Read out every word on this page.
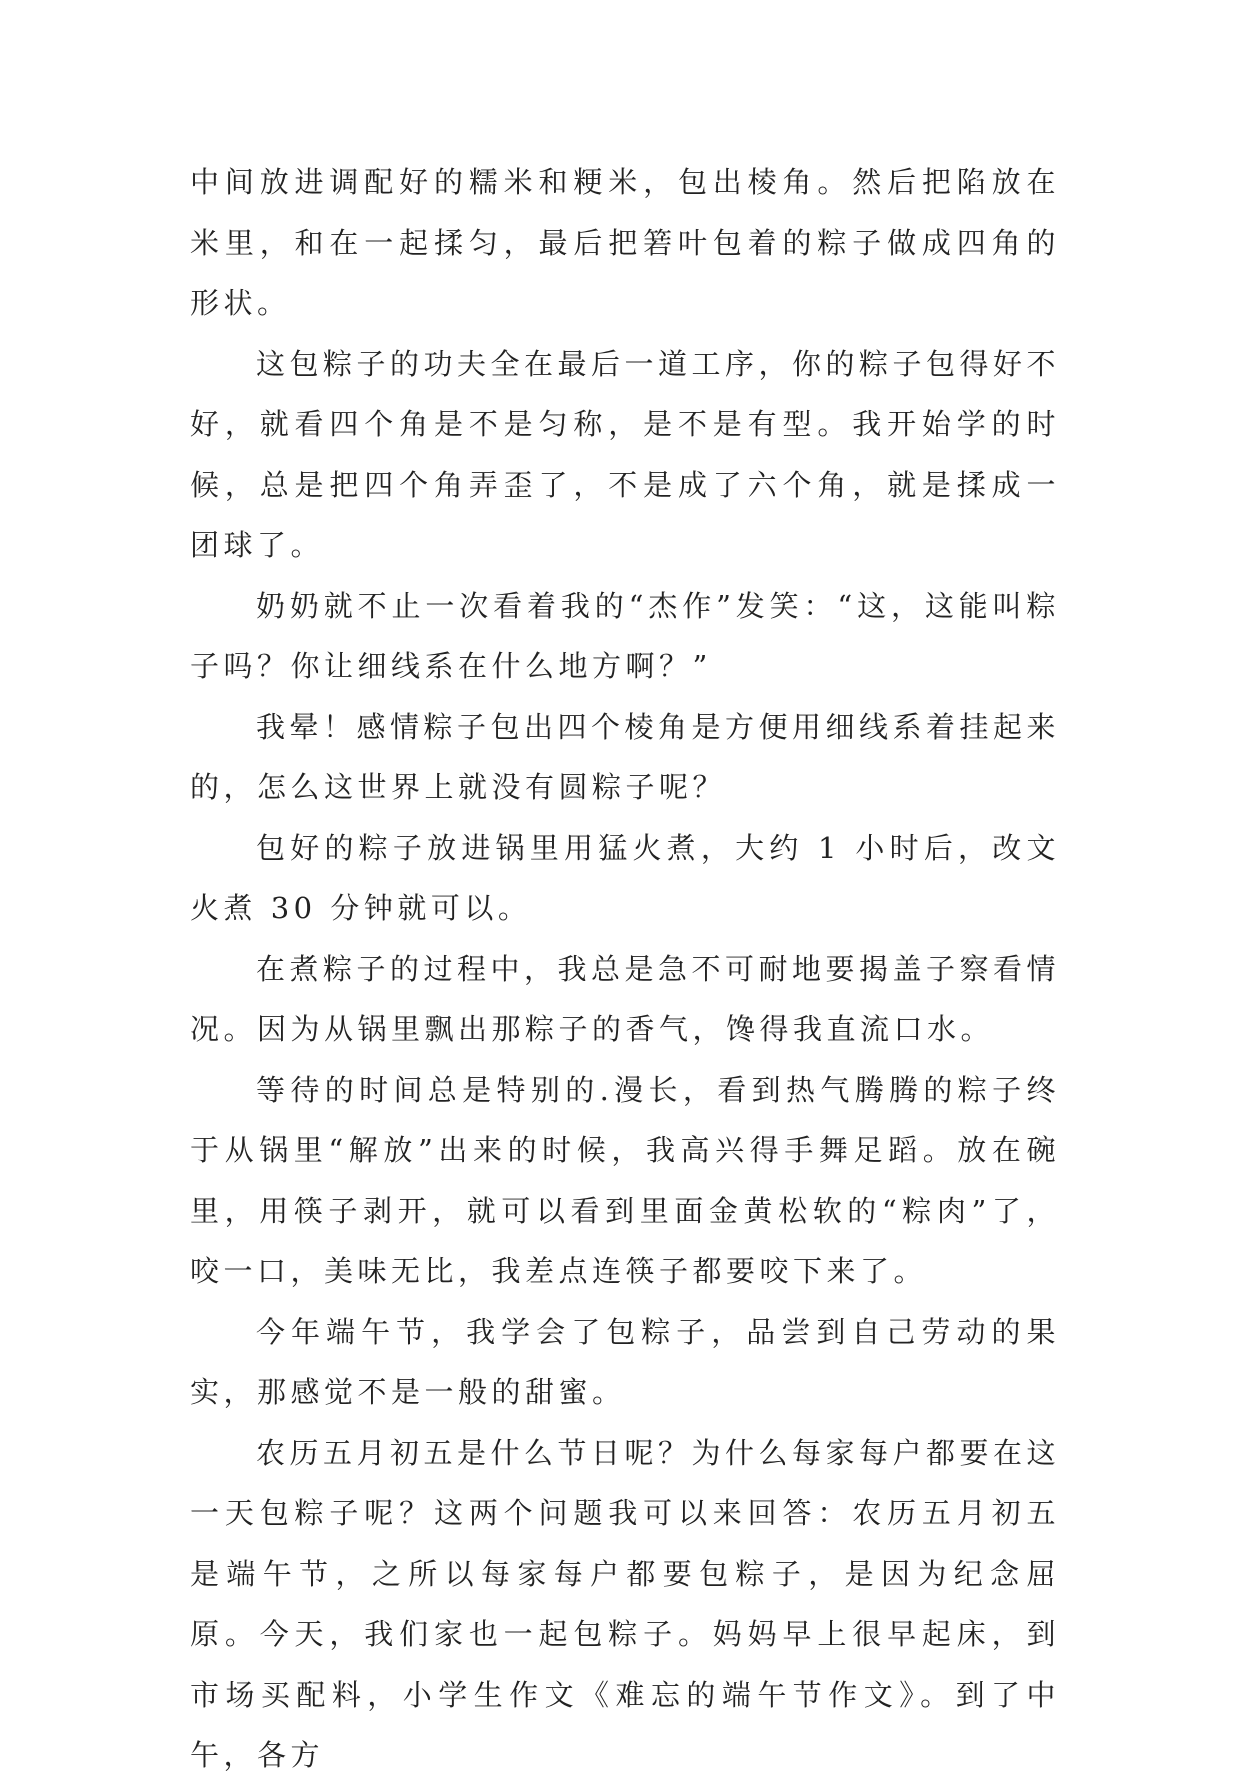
中间放进调配好的糯米和粳米，包出棱角。然后把陷放在米里，和在一起揉匀，最后把箬叶包着的粽子做成四角的形状。

这包粽子的功夫全在最后一道工序，你的粽子包得好不好，就看四个角是不是匀称，是不是有型。我开始学的时候，总是把四个角弄歪了，不是成了六个角，就是揉成一团球了。

奶奶就不止一次看着我的“杰作”发笑：“这，这能叫粽子吗？你让细线系在什么地方啊？”

我晕！感情粽子包出四个棱角是方便用细线系着挂起来的，怎么这世界上就没有圆粽子呢？

包好的粽子放进锅里用猛火煮，大约 1 小时后，改文火煮 30 分钟就可以。

在煮粽子的过程中，我总是急不可耐地要揭盖子察看情况。因为从锅里飘出那粽子的香气，馋得我直流口水。

等待的时间总是特别的.漫长，看到热气腾腾的粽子终于从锅里“解放”出来的时候，我高兴得手舞足蹈。放在碗里，用筷子剥开，就可以看到里面金黄松软的“粽肉”了，咬一口，美味无比，我差点连筷子都要咬下来了。

今年端午节，我学会了包粽子，品尝到自己劳动的果实，那感觉不是一般的甜蜜。

农历五月初五是什么节日呢？为什么每家每户都要在这一天包粽子呢？这两个问题我可以来回答：农历五月初五是端午节，之所以每家每户都要包粽子，是因为纪念屈原。今天，我们家也一起包粽子。妈妈早上很早起床，到市场买配料，小学生作文《难忘的端午节作文》。到了中午，各方
